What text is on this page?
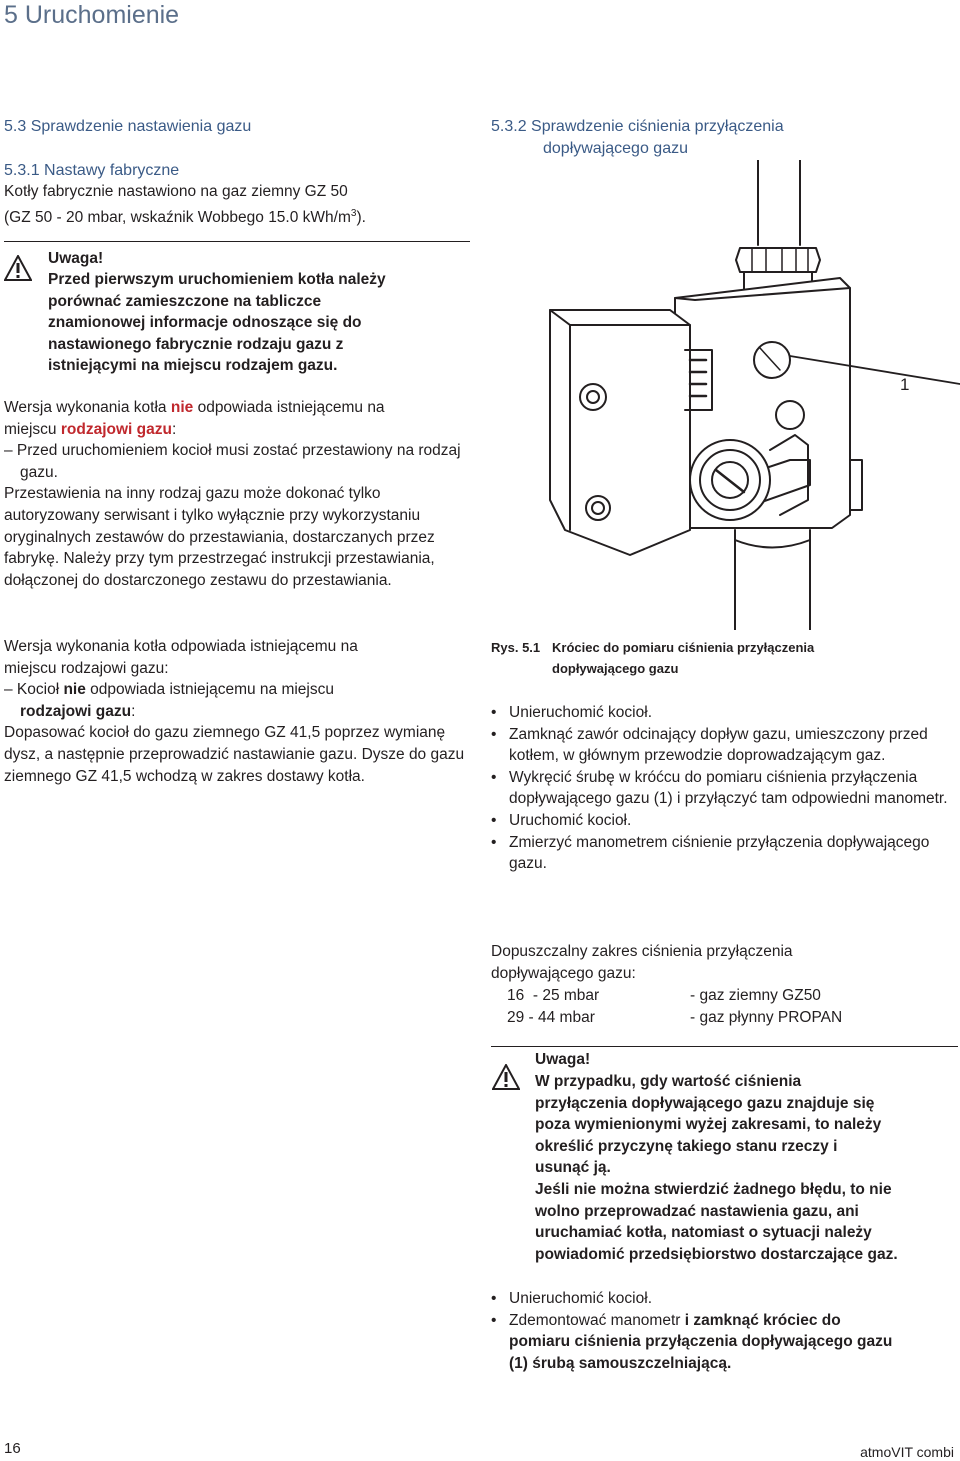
5 Uruchomienie
5.3 Sprawdzenie nastawienia gazu
5.3.1 Nastawy fabryczne
Kotły fabrycznie nastawiono na gaz ziemny GZ 50
(GZ 50 - 20 mbar, wskaźnik Wobbego 15.0 kWh/$m^3$).
Uwaga!
Przed pierwszym uruchomieniem kotła należy
porównać zamieszczone na tabliczce
znamionowej informacje odnoszące się do
nastawionego fabrycznie rodzaju gazu z
istniejącymi na miejscu rodzajem gazu.
Wersja wykonania kotła nie odpowiada istniejącemu na
miejscu rodzajowi gazu:
– Przed uruchomieniem kocioł musi zostać przestawiony na rodzaj gazu.
Przestawienia na inny rodzaj gazu może dokonać tylko autoryzowany serwisant i tylko wyłącznie przy wykorzystaniu oryginalnych zestawów do przestawiania, dostarczanych przez fabrykę. Należy przy tym przestrzegać instrukcji przestawiania, dołączonej do dostarczonego zestawu do przestawiania.
Wersja wykonania kotła odpowiada istniejącemu na
miejscu rodzajowi gazu:
– Kocioł nie odpowiada istniejącemu na miejscu
rodzajowi gazu:
Dopasować kocioł do gazu ziemnego GZ 41,5 poprzez wymianę dysz, a następnie przeprowadzić nastawianie gazu. Dysze do gazu ziemnego GZ 41,5 wchodzą w zakres dostawy kotła.
5.3.2 Sprawdzenie ciśnienia przyłączenia
dopływającego gazu
1
Rys. 5.1 Króciec do pomiaru ciśnienia przyłączenia
dopływającego gazu
• Unieruchomić kocioł.
• Zamknąć zawór odcinający dopływ gazu, umieszczony przed kotłem, w głównym przewodzie doprowadzającym gaz.
• Wykręcić śrubę w króćcu do pomiaru ciśnienia przyłączenia dopływającego gazu (1) i przyłączyć tam odpowiedni manometr.
• Uruchomić kocioł.
• Zmierzyć manometrem ciśnienie przyłączenia dopływającego gazu.
Dopuszczalny zakres ciśnienia przyłączenia
dopływającego gazu:
16  - 25 mbar	- gaz ziemny GZ50
29 - 44 mbar	- gaz płynny PROPAN
Uwaga!
W przypadku, gdy wartość ciśnienia
przyłączenia dopływającego gazu znajduje się
poza wymienionymi wyżej zakresami, to należy
określić przyczynę takiego stanu rzeczy i
usunąć ją.
Jeśli nie można stwierdzić żadnego błędu, to nie
wolno przeprowadzać nastawienia gazu, ani
uruchamiać kotła, natomiast o sytuacji należy
powiadomić przedsiębiorstwo dostarczające gaz.
• Unieruchomić kocioł.
• Zdemontować manometr i zamknąć króciec do
pomiaru ciśnienia przyłączenia dopływającego gazu
(1) śrubą samouszczelniającą.
16	atmoVIT combi
